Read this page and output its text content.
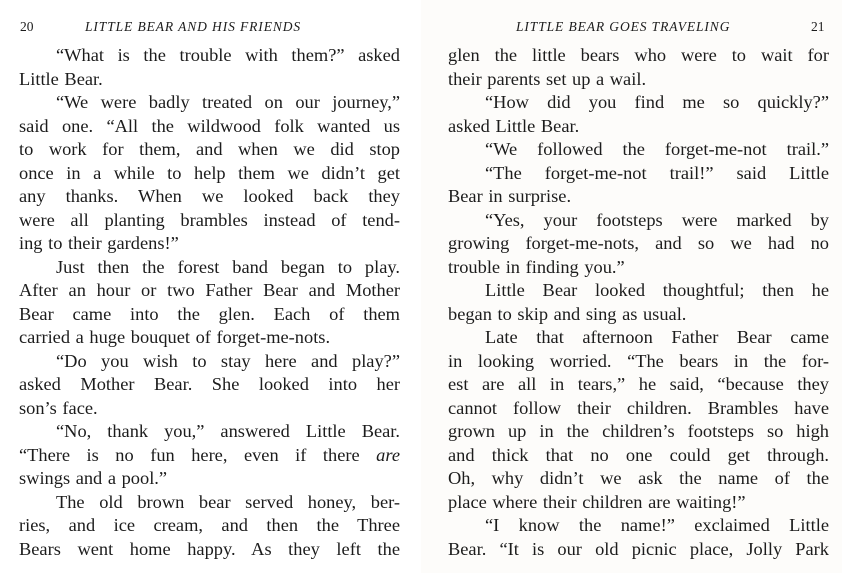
20	LITTLE BEAR AND HIS FRIENDS
“What is the trouble with them?” asked
Little Bear.
“We were badly treated on our journey,”
said one. “All the wildwood folk wanted us
to work for them, and when we did stop
once in a while to help them we didn’t get
any thanks. When we looked back they
were all planting brambles instead of tend-
ing to their gardens!”
Just then the forest band began to play.
After an hour or two Father Bear and Mother
Bear came into the glen. Each of them
carried a huge bouquet of forget-me-nots.
“Do you wish to stay here and play?”
asked Mother Bear. She looked into her
son’s face.
“No, thank you,” answered Little Bear.
“There is no fun here, even if there are
swings and a pool.”
The old brown bear served honey, ber-
ries, and ice cream, and then the Three
Bears went home happy. As they left the
LITTLE BEAR GOES TRAVELING	21
glen the little bears who were to wait for
their parents set up a wail.
“How did you find me so quickly?”
asked Little Bear.
“We followed the forget-me-not trail.”
“The forget-me-not trail!” said Little
Bear in surprise.
“Yes, your footsteps were marked by
growing forget-me-nots, and so we had no
trouble in finding you.”
Little Bear looked thoughtful; then he
began to skip and sing as usual.
Late that afternoon Father Bear came
in looking worried. “The bears in the for-
est are all in tears,” he said, “because they
cannot follow their children. Brambles have
grown up in the children’s footsteps so high
and thick that no one could get through.
Oh, why didn’t we ask the name of the
place where their children are waiting!”
“I know the name!” exclaimed Little
Bear. “It is our old picnic place, Jolly Park
